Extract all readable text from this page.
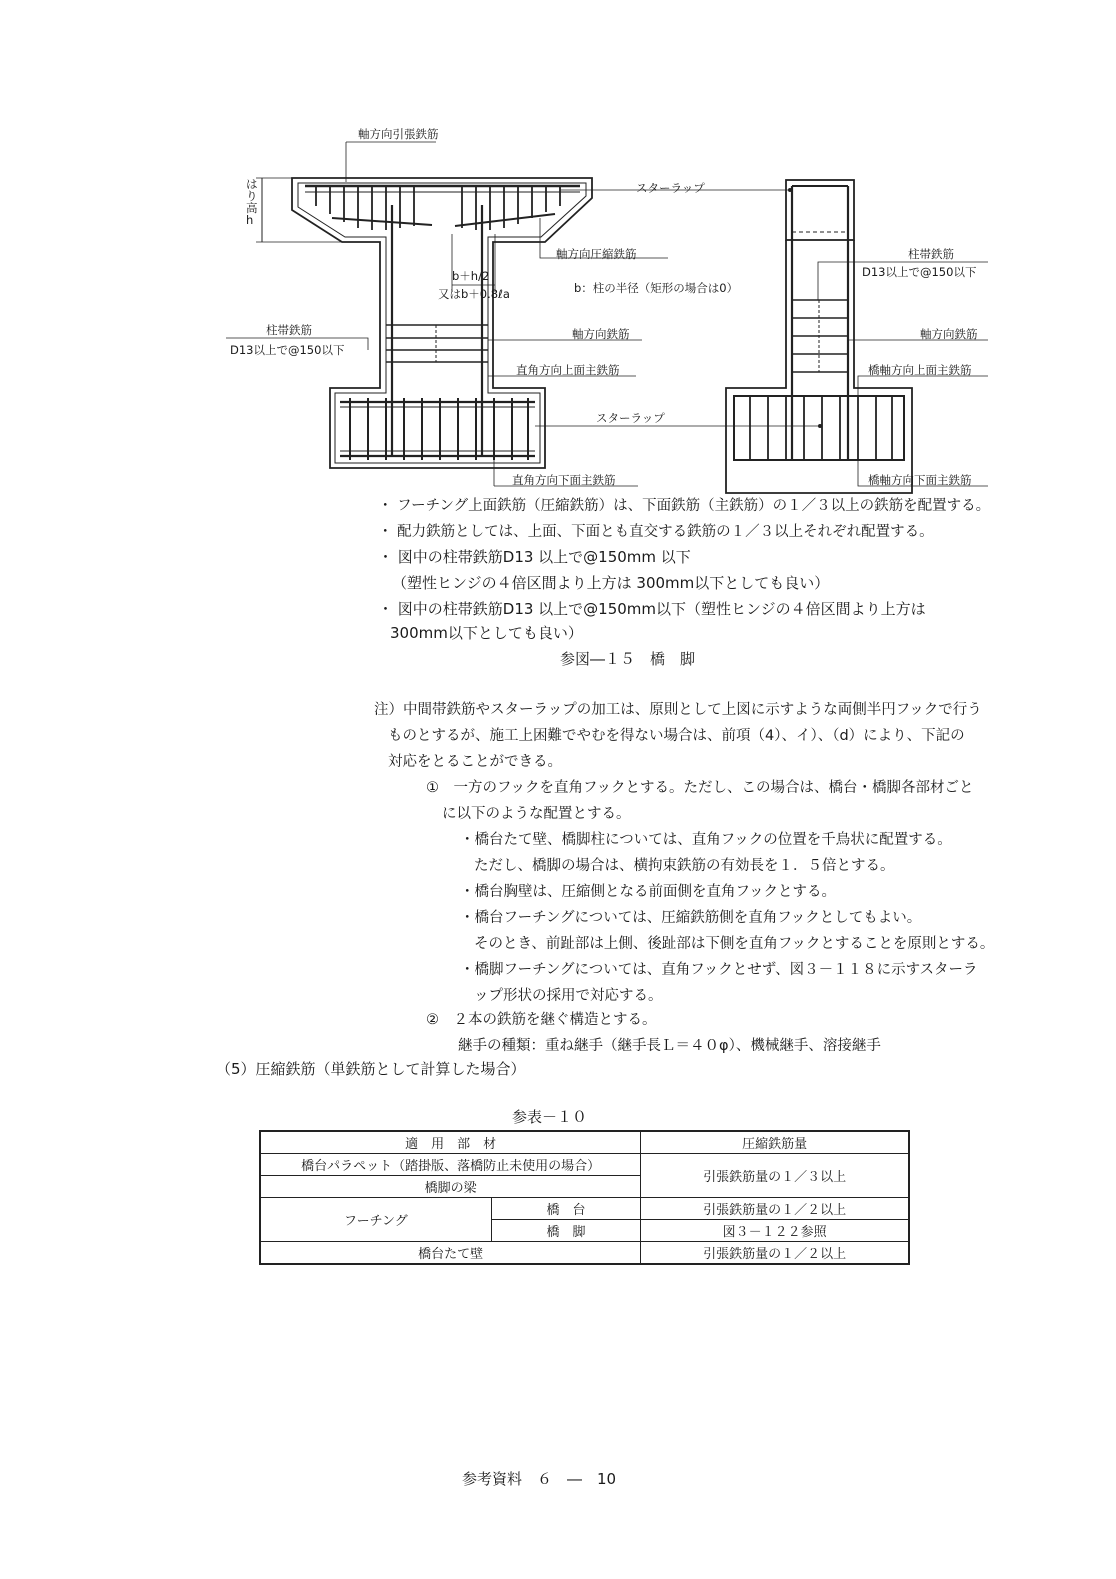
軸方向引張鉄筋
はり高h
スターラップ
軸方向圧縮鉄筋
b＋h/2
又はb＋0.8ℓa	b：柱の半径（矩形の場合は0）
柱帯鉄筋
D13以上で@150以下
軸方向鉄筋
直角方向上面主鉄筋
スターラップ
直角方向下面主鉄筋
柱帯鉄筋
D13以上で@150以下
軸方向鉄筋
橋軸方向上面主鉄筋
橋軸方向下面主鉄筋
・ フーチング上面鉄筋（圧縮鉄筋）は、下面鉄筋（主鉄筋）の１／３以上の鉄筋を配置する。
・ 配力鉄筋としては、上面、下面とも直交する鉄筋の１／３以上それぞれ配置する。
・ 図中の柱帯鉄筋D13 以上で@150mm 以下
（塑性ヒンジの４倍区間より上方は 300mm以下としても良い）
・ 図中の柱帯鉄筋D13 以上で@150mm以下（塑性ヒンジの４倍区間より上方は
300mm以下としても良い）
参図―１５　橋　脚
注）中間帯鉄筋やスターラップの加工は、原則として上図に示すような両側半円フックで行う
ものとするが、施工上困難でやむを得ない場合は、前項（4）、イ）、（d）により、下記の
対応をとることができる。
①　一方のフックを直角フックとする。ただし、この場合は、橋台・橋脚各部材ごと
に以下のような配置とする。
・橋台たて壁、橋脚柱については、直角フックの位置を千鳥状に配置する。
ただし、橋脚の場合は、横拘束鉄筋の有効長を１．５倍とする。
・橋台胸壁は、圧縮側となる前面側を直角フックとする。
・橋台フーチングについては、圧縮鉄筋側を直角フックとしてもよい。
そのとき、前趾部は上側、後趾部は下側を直角フックとすることを原則とする。
・橋脚フーチングについては、直角フックとせず、図３－１１８に示すスターラ
ップ形状の採用で対応する。
②　２本の鉄筋を継ぐ構造とする。
継手の種類：重ね継手（継手長Ｌ＝４０φ）、機械継手、溶接継手
（5）圧縮鉄筋（単鉄筋として計算した場合）
参表－１０
適　用　部　材		圧縮鉄筋量
橋台パラペット（踏掛版、落橋防止未使用の場合）		引張鉄筋量の１／３以上
橋脚の梁		
フーチング	橋　台	引張鉄筋量の１／２以上
	橋　脚	図３－１２２参照
橋台たて壁		引張鉄筋量の１／２以上
参考資料　６　―　10
